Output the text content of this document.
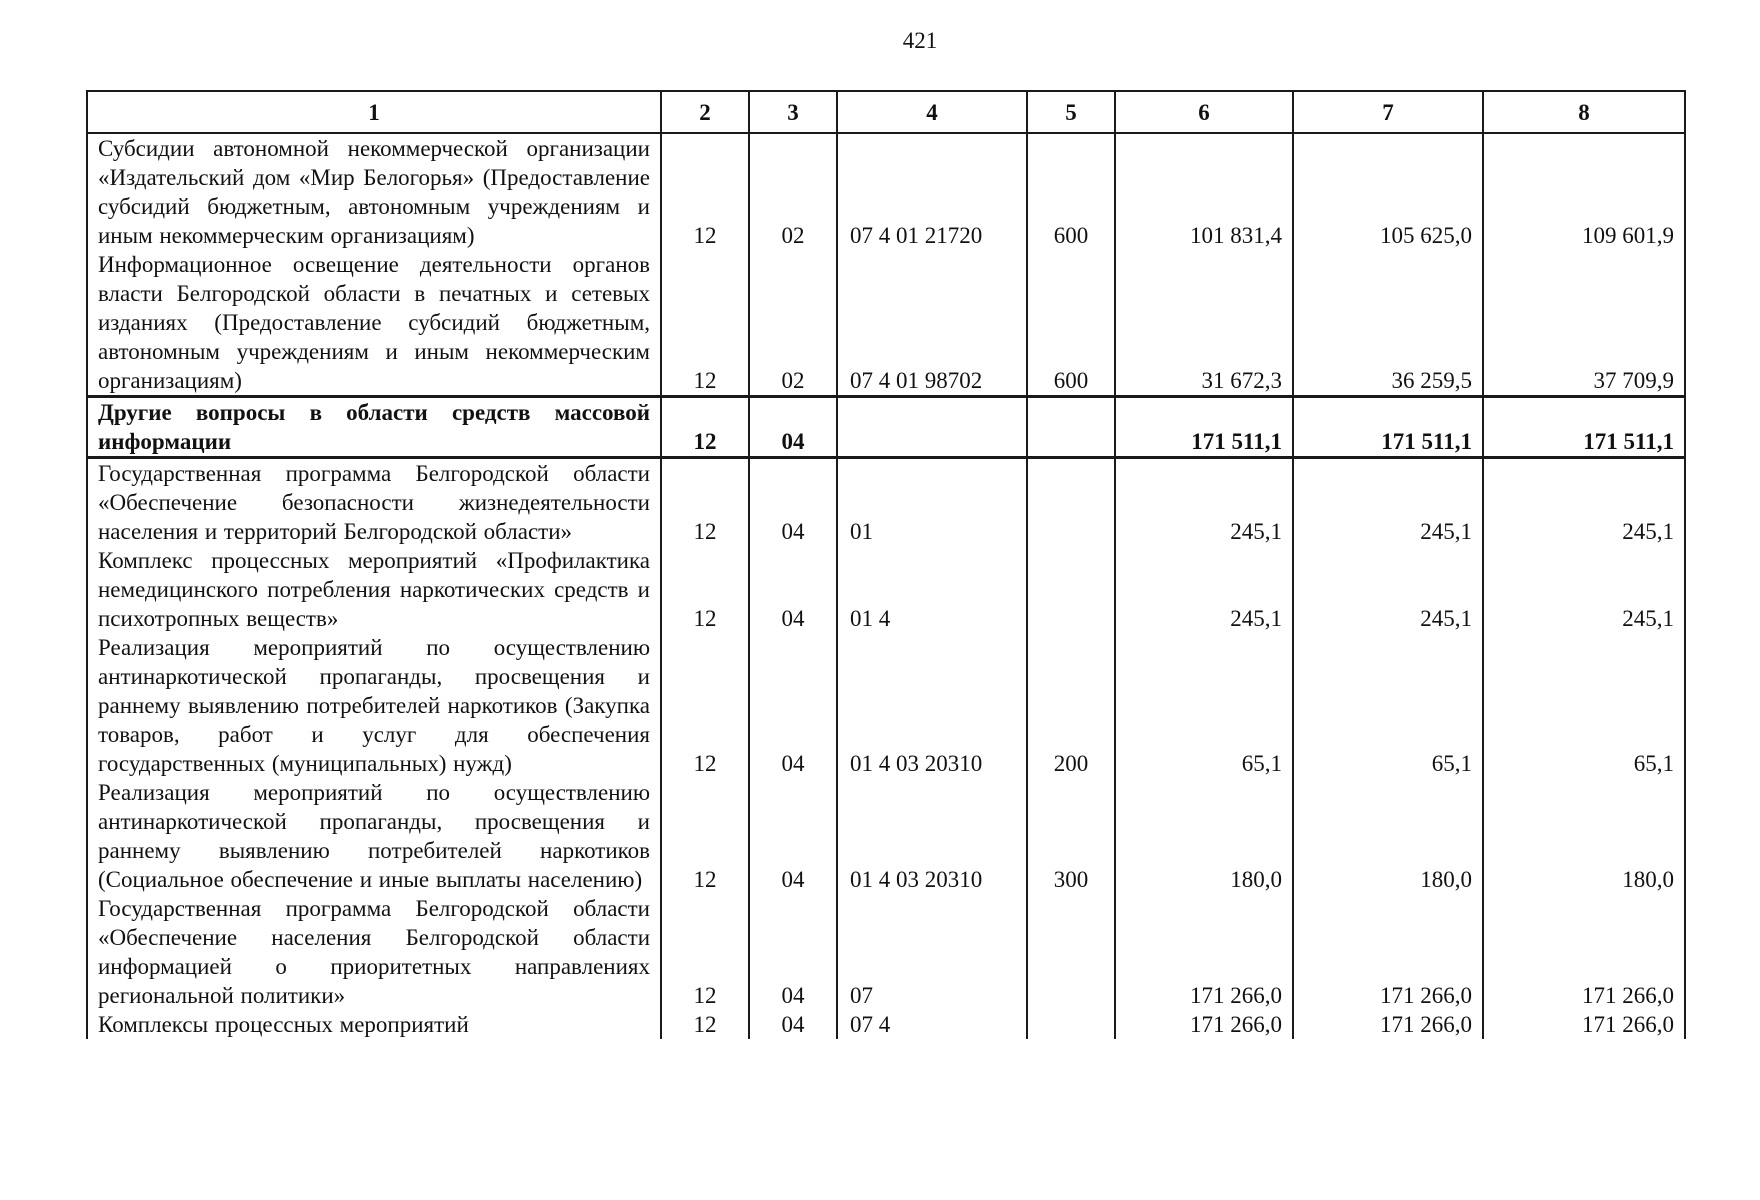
421
1	2	3	4	5	6	7	8
Субсидии автономной некоммерческой организации «Издательский дом «Мир Белогорья» (Предоставление субсидий бюджетным, автономным учреждениям и иным некоммерческим организациям)	12	02	07 4 01 21720	600	101 831,4	105 625,0	109 601,9
Информационное освещение деятельности органов власти Белгородской области в печатных и сетевых изданиях (Предоставление субсидий бюджетным, автономным учреждениям и иным некоммерческим организациям)	12	02	07 4 01 98702	600	31 672,3	36 259,5	37 709,9
Другие вопросы в области средств массовой информации	12	04			171 511,1	171 511,1	171 511,1
Государственная программа Белгородской области «Обеспечение безопасности жизнедеятельности населения и территорий Белгородской области»	12	04	01		245,1	245,1	245,1
Комплекс процессных мероприятий «Профилактика немедицинского потребления наркотических средств и психотропных веществ»	12	04	01 4		245,1	245,1	245,1
Реализация мероприятий по осуществлению антинаркотической пропаганды, просвещения и раннему выявлению потребителей наркотиков (Закупка товаров, работ и услуг для обеспечения государственных (муниципальных) нужд)	12	04	01 4 03 20310	200	65,1	65,1	65,1
Реализация мероприятий по осуществлению антинаркотической пропаганды, просвещения и раннему выявлению потребителей наркотиков (Социальное обеспечение и иные выплаты населению)	12	04	01 4 03 20310	300	180,0	180,0	180,0
Государственная программа Белгородской области «Обеспечение населения Белгородской области информацией о приоритетных направлениях региональной политики»	12	04	07		171 266,0	171 266,0	171 266,0
Комплексы процессных мероприятий	12	04	07 4		171 266,0	171 266,0	171 266,0
